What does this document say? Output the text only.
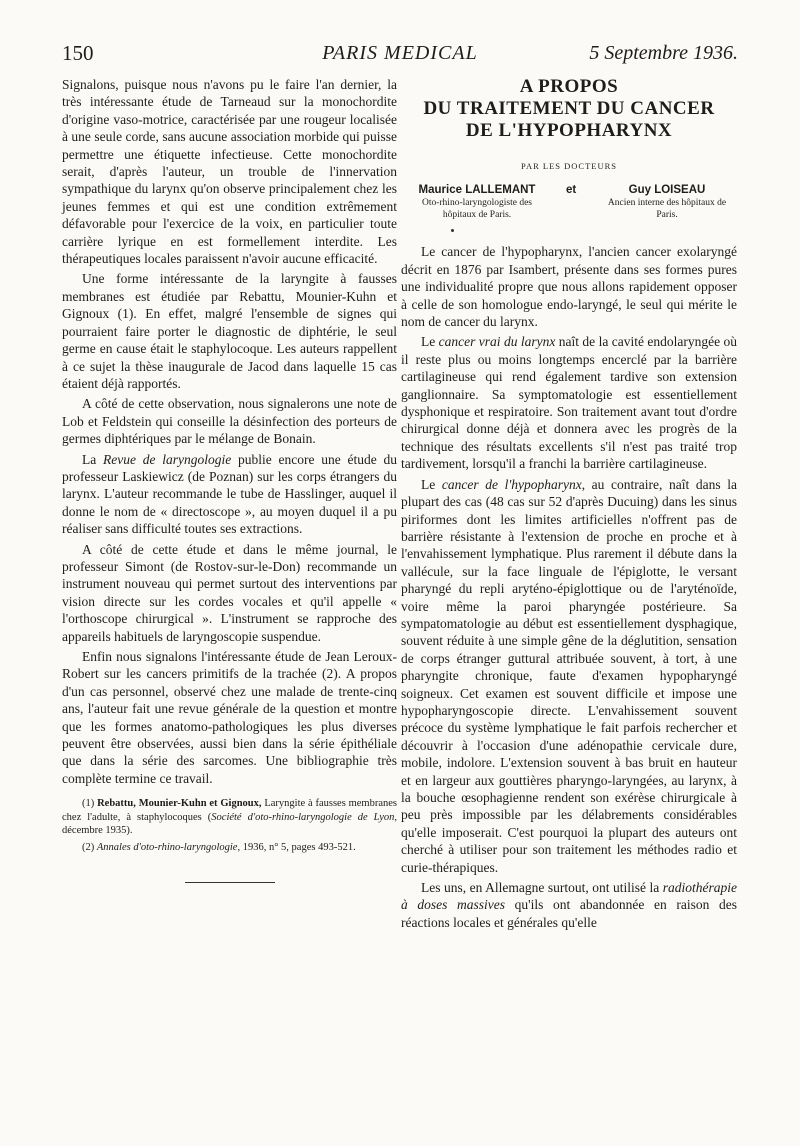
150	PARIS MEDICAL	5 Septembre 1936.

Signalons, puisque nous n'avons pu le faire l'an dernier, la très intéressante étude de Tarneaud sur la monochordite d'origine vaso-motrice, caractérisée par une rougeur localisée à une seule corde, sans aucune association morbide qui puisse permettre une étiquette infectieuse. Cette monochordite serait, d'après l'auteur, un trouble de l'innervation sympathique du larynx qu'on observe principalement chez les jeunes femmes et qui est une condition extrêmement défavorable pour l'exercice de la voix, en particulier toute carrière lyrique en est formellement interdite. Les thérapeutiques locales paraissent n'avoir aucune efficacité.

Une forme intéressante de la laryngite à fausses membranes est étudiée par Rebattu, Mounier-Kuhn et Gignoux (1). En effet, malgré l'ensemble de signes qui pourraient faire porter le diagnostic de diphtérie, le seul germe en cause était le staphylocoque. Les auteurs rappellent à ce sujet la thèse inaugurale de Jacod dans laquelle 15 cas étaient déjà rapportés.

A côté de cette observation, nous signalerons une note de Lob et Feldstein qui conseille la désinfection des porteurs de germes diphtériques par le mélange de Bonain.

La Revue de laryngologie publie encore une étude du professeur Laskiewicz (de Poznan) sur les corps étrangers du larynx. L'auteur recommande le tube de Hasslinger, auquel il donne le nom de « directoscope », au moyen duquel il a pu réaliser sans difficulté toutes ses extractions.

A côté de cette étude et dans le même journal, le professeur Simont (de Rostov-sur-le-Don) recommande un instrument nouveau qui permet surtout des interventions par vision directe sur les cordes vocales et qu'il appelle « l'orthoscope chirurgical ». L'instrument se rapproche des appareils habituels de laryngoscopie suspendue.

Enfin nous signalons l'intéressante étude de Jean Leroux-Robert sur les cancers primitifs de la trachée (2). A propos d'un cas personnel, observé chez une malade de trente-cinq ans, l'auteur fait une revue générale de la question et montre que les formes anatomo-pathologiques les plus diverses peuvent être observées, aussi bien dans la série épithéliale que dans la série des sarcomes. Une bibliographie très complète termine ce travail.

(1) Rebattu, Mounier-Kuhn et Gignoux, Laryngite à fausses membranes chez l'adulte, à staphylocoques (Société d'oto-rhino-laryngologie de Lyon, décembre 1935).

(2) Annales d'oto-rhino-laryngologie, 1936, n° 5, pages 493-521.

A PROPOS
DU TRAITEMENT DU CANCER
DE L'HYPOPHARYNX
PAR LES DOCTEURS
Maurice LALLEMANT
Oto-rhino-laryngologiste des hôpitaux de Paris.
et	Guy LOISEAU
Ancien interne des hôpitaux de Paris.

Le cancer de l'hypopharynx, l'ancien cancer exolaryngé décrit en 1876 par Isambert, présente dans ses formes pures une individualité propre que nous allons rapidement opposer à celle de son homologue endo-laryngé, le seul qui mérite le nom de cancer du larynx.

Le cancer vrai du larynx naît de la cavité endolaryngée où il reste plus ou moins longtemps encerclé par la barrière cartilagineuse qui rend également tardive son extension ganglionnaire. Sa symptomatologie est essentiellement dysphonique et respiratoire. Son traitement avant tout d'ordre chirurgical donne déjà et donnera avec les progrès de la technique des résultats excellents s'il n'est pas traité trop tardivement, lorsqu'il a franchi la barrière cartilagineuse.

Le cancer de l'hypopharynx, au contraire, naît dans la plupart des cas (48 cas sur 52 d'après Ducuing) dans les sinus piriformes dont les limites artificielles n'offrent pas de barrière résistante à l'extension de proche en proche et à l'envahissement lymphatique. Plus rarement il débute dans la vallécule, sur la face linguale de l'épiglotte, le versant pharyngé du repli aryténo-épiglottique ou de l'aryténoïde, voire même la paroi pharyngée postérieure. Sa sympatomatologie au début est essentiellement dysphagique, souvent réduite à une simple gêne de la déglutition, sensation de corps étranger guttural attribuée souvent, à tort, à une pharyngite chronique, faute d'examen hypopharyngé soigneux. Cet examen est souvent difficile et impose une hypopharyngoscopie directe. L'envahissement souvent précoce du système lymphatique le fait parfois rechercher et découvrir à l'occasion d'une adénopathie cervicale dure, mobile, indolore. L'extension souvent à bas bruit en hauteur et en largeur aux gouttières pharyngo-laryngées, au larynx, à la bouche œsophagienne rendent son exérèse chirurgicale à peu près impossible par les délabrements considérables qu'elle imposerait. C'est pourquoi la plupart des auteurs ont cherché à utiliser pour son traitement les méthodes radio et curie-thérapiques.

Les uns, en Allemagne surtout, ont utilisé la radiothérapie à doses massives qu'ils ont abandonnée en raison des réactions locales et générales qu'elle
